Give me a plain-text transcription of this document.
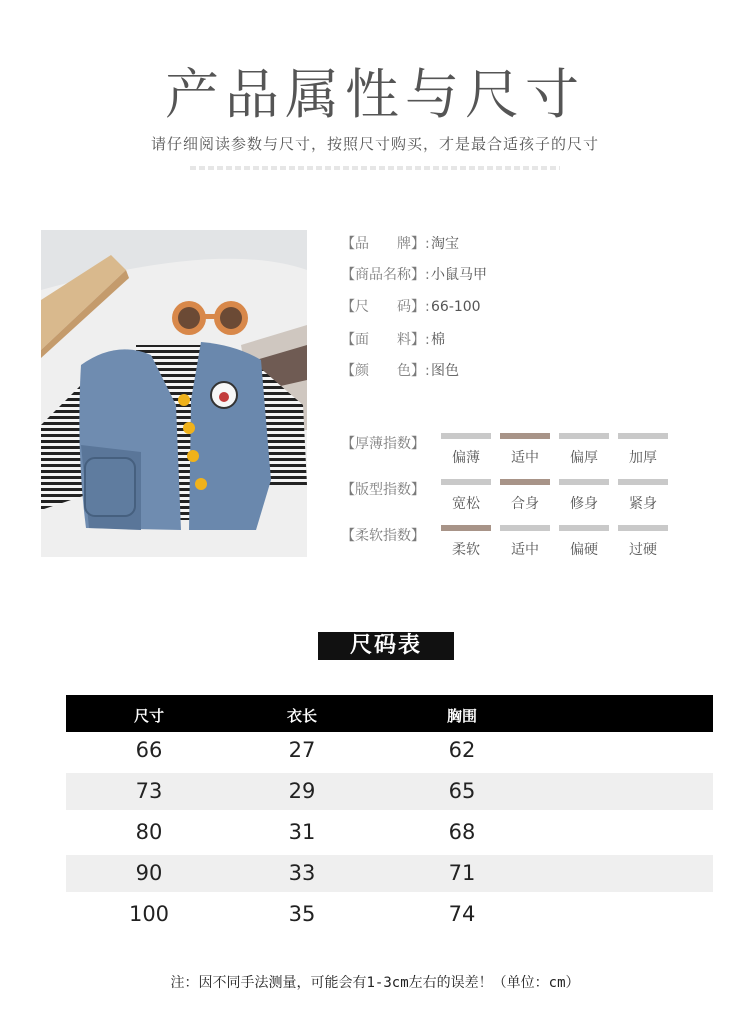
产品属性与尺寸
请仔细阅读参数与尺寸，按照尺寸购买，才是最合适孩子的尺寸
【品　　牌】:淘宝
【商品名称】:小鼠马甲
【尺　　码】:66-100
【面　　料】:棉
【颜　　色】:图色
【厚薄指数】
偏薄	适中	偏厚	加厚
【版型指数】
宽松	合身	修身	紧身
【柔软指数】
柔软	适中	偏硬	过硬
尺码表
尺寸	衣长	胸围
66	27	62
73	29	65
80	31	68
90	33	71
100	35	74
注：因不同手法测量，可能会有1-3cm左右的误差！（单位：cm）
